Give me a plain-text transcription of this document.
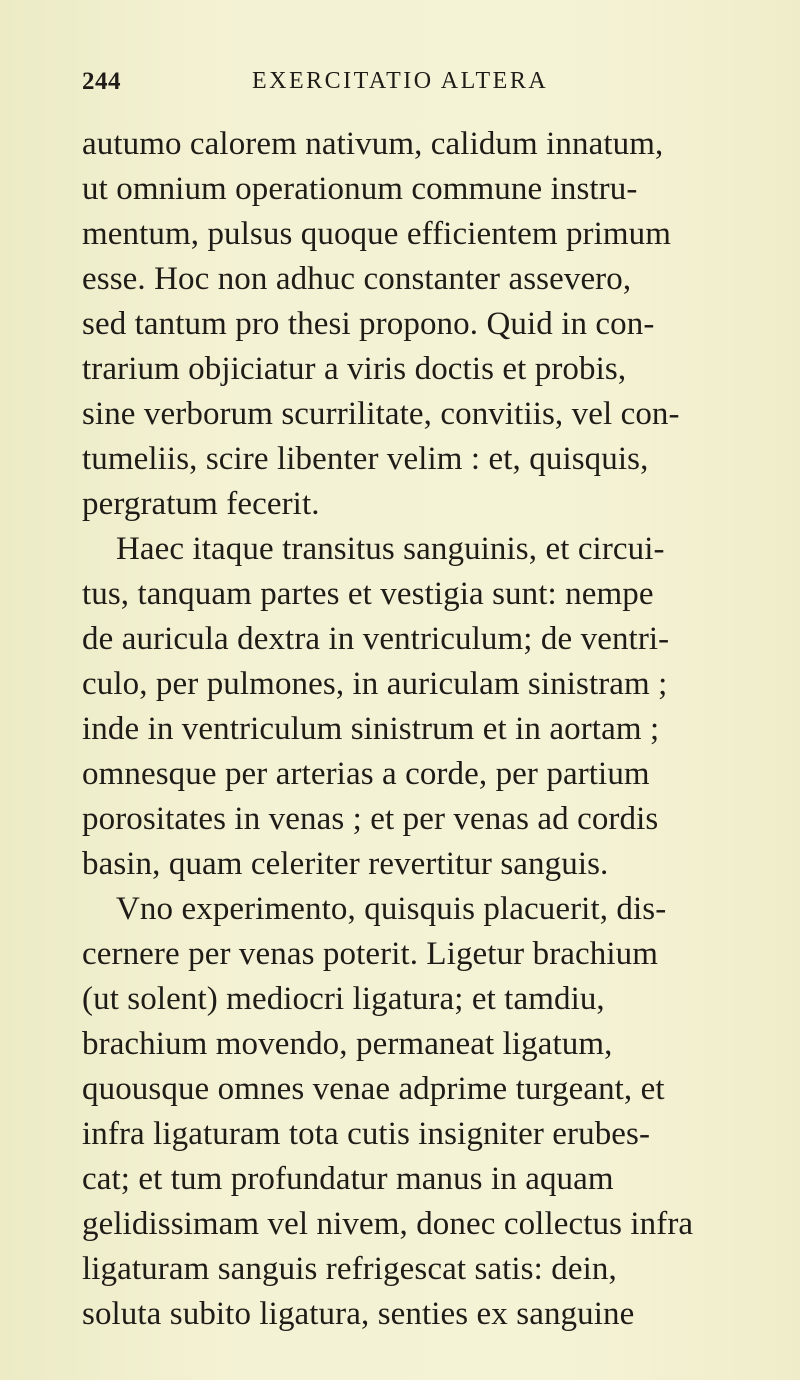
244	EXERCITATIO ALTERA
autumo calorem nativum, calidum innatum,
ut omnium operationum commune instru-
mentum, pulsus quoque efficientem primum
esse. Hoc non adhuc constanter assevero,
sed tantum pro thesi propono. Quid in con-
trarium objiciatur a viris doctis et probis,
sine verborum scurrilitate, convitiis, vel con-
tumeliis, scire libenter velim : et, quisquis,
pergratum fecerit.
Haec itaque transitus sanguinis, et circui-
tus, tanquam partes et vestigia sunt: nempe
de auricula dextra in ventriculum; de ventri-
culo, per pulmones, in auriculam sinistram ;
inde in ventriculum sinistrum et in aortam ;
omnesque per arterias a corde, per partium
porositates in venas ; et per venas ad cordis
basin, quam celeriter revertitur sanguis.
Vno experimento, quisquis placuerit, dis-
cernere per venas poterit. Ligetur brachium
(ut solent) mediocri ligatura; et tamdiu,
brachium movendo, permaneat ligatum,
quousque omnes venae adprime turgeant, et
infra ligaturam tota cutis insigniter erubes-
cat; et tum profundatur manus in aquam
gelidissimam vel nivem, donec collectus infra
ligaturam sanguis refrigescat satis: dein,
soluta subito ligatura, senties ex sanguine
